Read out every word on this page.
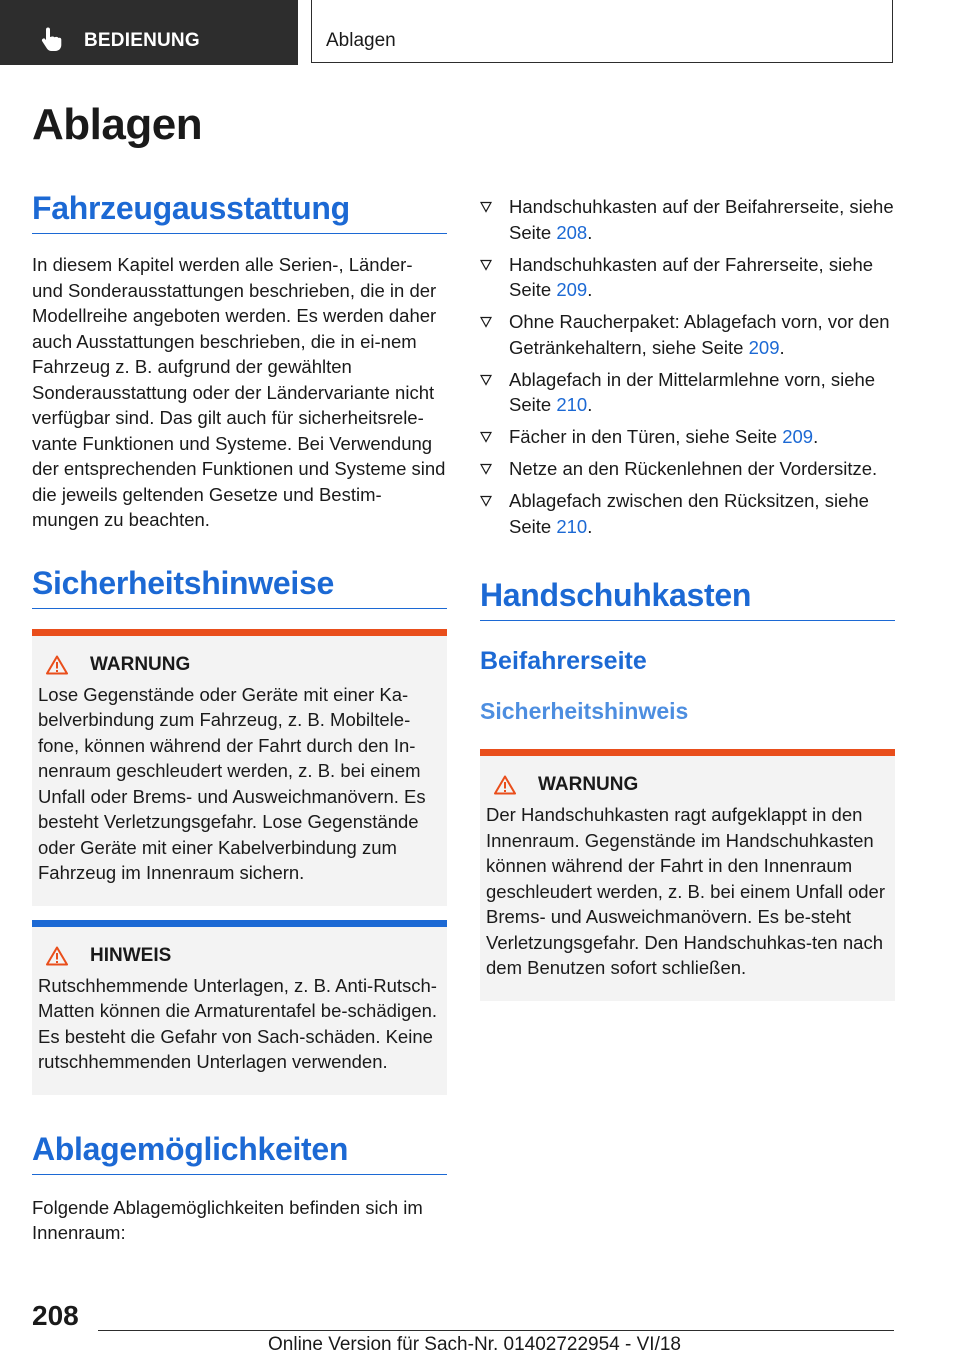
BEDIENUNG	Ablagen
Ablagen
Fahrzeugausstattung

In diesem Kapitel werden alle Serien-, Länder- und Sonderausstattungen beschrieben, die in der Modellreihe angeboten werden. Es werden daher auch Ausstattungen beschrieben, die in ei-nem Fahrzeug z. B. aufgrund der gewählten Sonderausstattung oder der Ländervariante nicht verfügbar sind. Das gilt auch für sicherheitsrele-vante Funktionen und Systeme. Bei Verwendung der entsprechenden Funktionen und Systeme sind die jeweils geltenden Gesetze und Bestim-mungen zu beachten.

Sicherheitshinweise
WARNUNG

Lose Gegenstände oder Geräte mit einer Ka-belverbindung zum Fahrzeug, z. B. Mobiltele-fone, können während der Fahrt durch den In-nenraum geschleudert werden, z. B. bei einem Unfall oder Brems- und Ausweichmanövern. Es besteht Verletzungsgefahr. Lose Gegenstände oder Geräte mit einer Kabelverbindung zum Fahrzeug im Innenraum sichern.

HINWEIS

Rutschhemmende Unterlagen, z. B. Anti-Rutsch-Matten können die Armaturentafel be-schädigen. Es besteht die Gefahr von Sach-schäden. Keine rutschhemmenden Unterlagen verwenden.

Ablagemöglichkeiten

Folgende Ablagemöglichkeiten befinden sich im Innenraum:

Handschuhkasten auf der Beifahrerseite, siehe Seite 208.
Handschuhkasten auf der Fahrerseite, siehe Seite 209.
Ohne Raucherpaket: Ablagefach vorn, vor den Getränkehaltern, siehe Seite 209.
Ablagefach in der Mittelarmlehne vorn, siehe Seite 210.
Fächer in den Türen, siehe Seite 209.
Netze an den Rückenlehnen der Vordersitze.
Ablagefach zwischen den Rücksitzen, siehe Seite 210.
Handschuhkasten
Beifahrerseite
Sicherheitshinweis
WARNUNG

Der Handschuhkasten ragt aufgeklappt in den Innenraum. Gegenstände im Handschuhkasten können während der Fahrt in den Innenraum geschleudert werden, z. B. bei einem Unfall oder Brems- und Ausweichmanövern. Es be-steht Verletzungsgefahr. Den Handschuhkas-ten nach dem Benutzen sofort schließen.

208
Online Version für Sach-Nr. 01402722954 - VI/18
